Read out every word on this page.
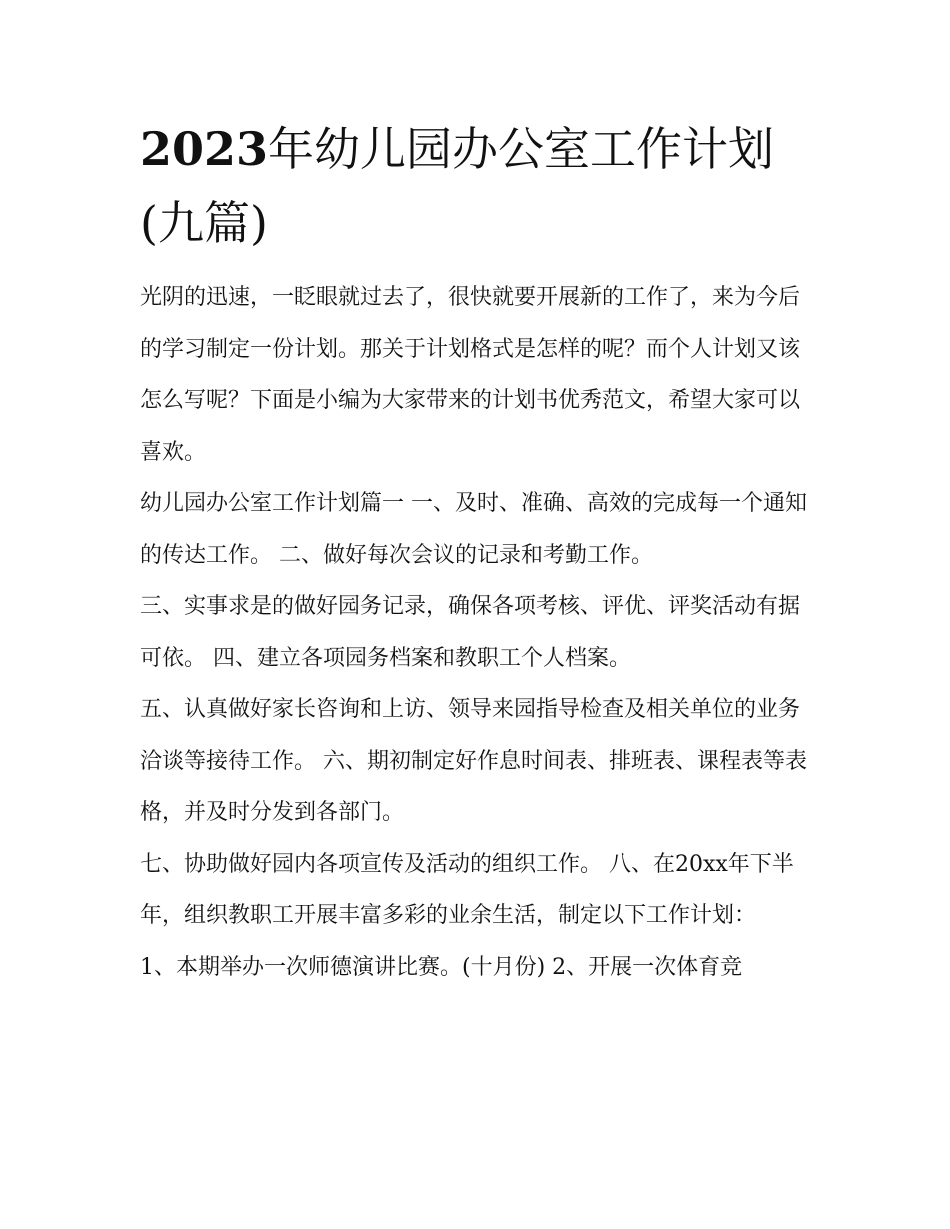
2023年幼儿园办公室工作计划(九篇)

光阴的迅速，一眨眼就过去了，很快就要开展新的工作了，来为今后的学习制定一份计划。那关于计划格式是怎样的呢？而个人计划又该怎么写呢？下面是小编为大家带来的计划书优秀范文，希望大家可以喜欢。

幼儿园办公室工作计划篇一 一、及时、准确、高效的完成每一个通知的传达工作。 二、做好每次会议的记录和考勤工作。

三、实事求是的做好园务记录，确保各项考核、评优、评奖活动有据可依。 四、建立各项园务档案和教职工个人档案。

五、认真做好家长咨询和上访、领导来园指导检查及相关单位的业务洽谈等接待工作。 六、期初制定好作息时间表、排班表、课程表等表格，并及时分发到各部门。

七、协助做好园内各项宣传及活动的组织工作。 八、在20xx年下半年，组织教职工开展丰富多彩的业余生活，制定以下工作计划：

1、本期举办一次师德演讲比赛。(十月份) 2、开展一次体育竞
